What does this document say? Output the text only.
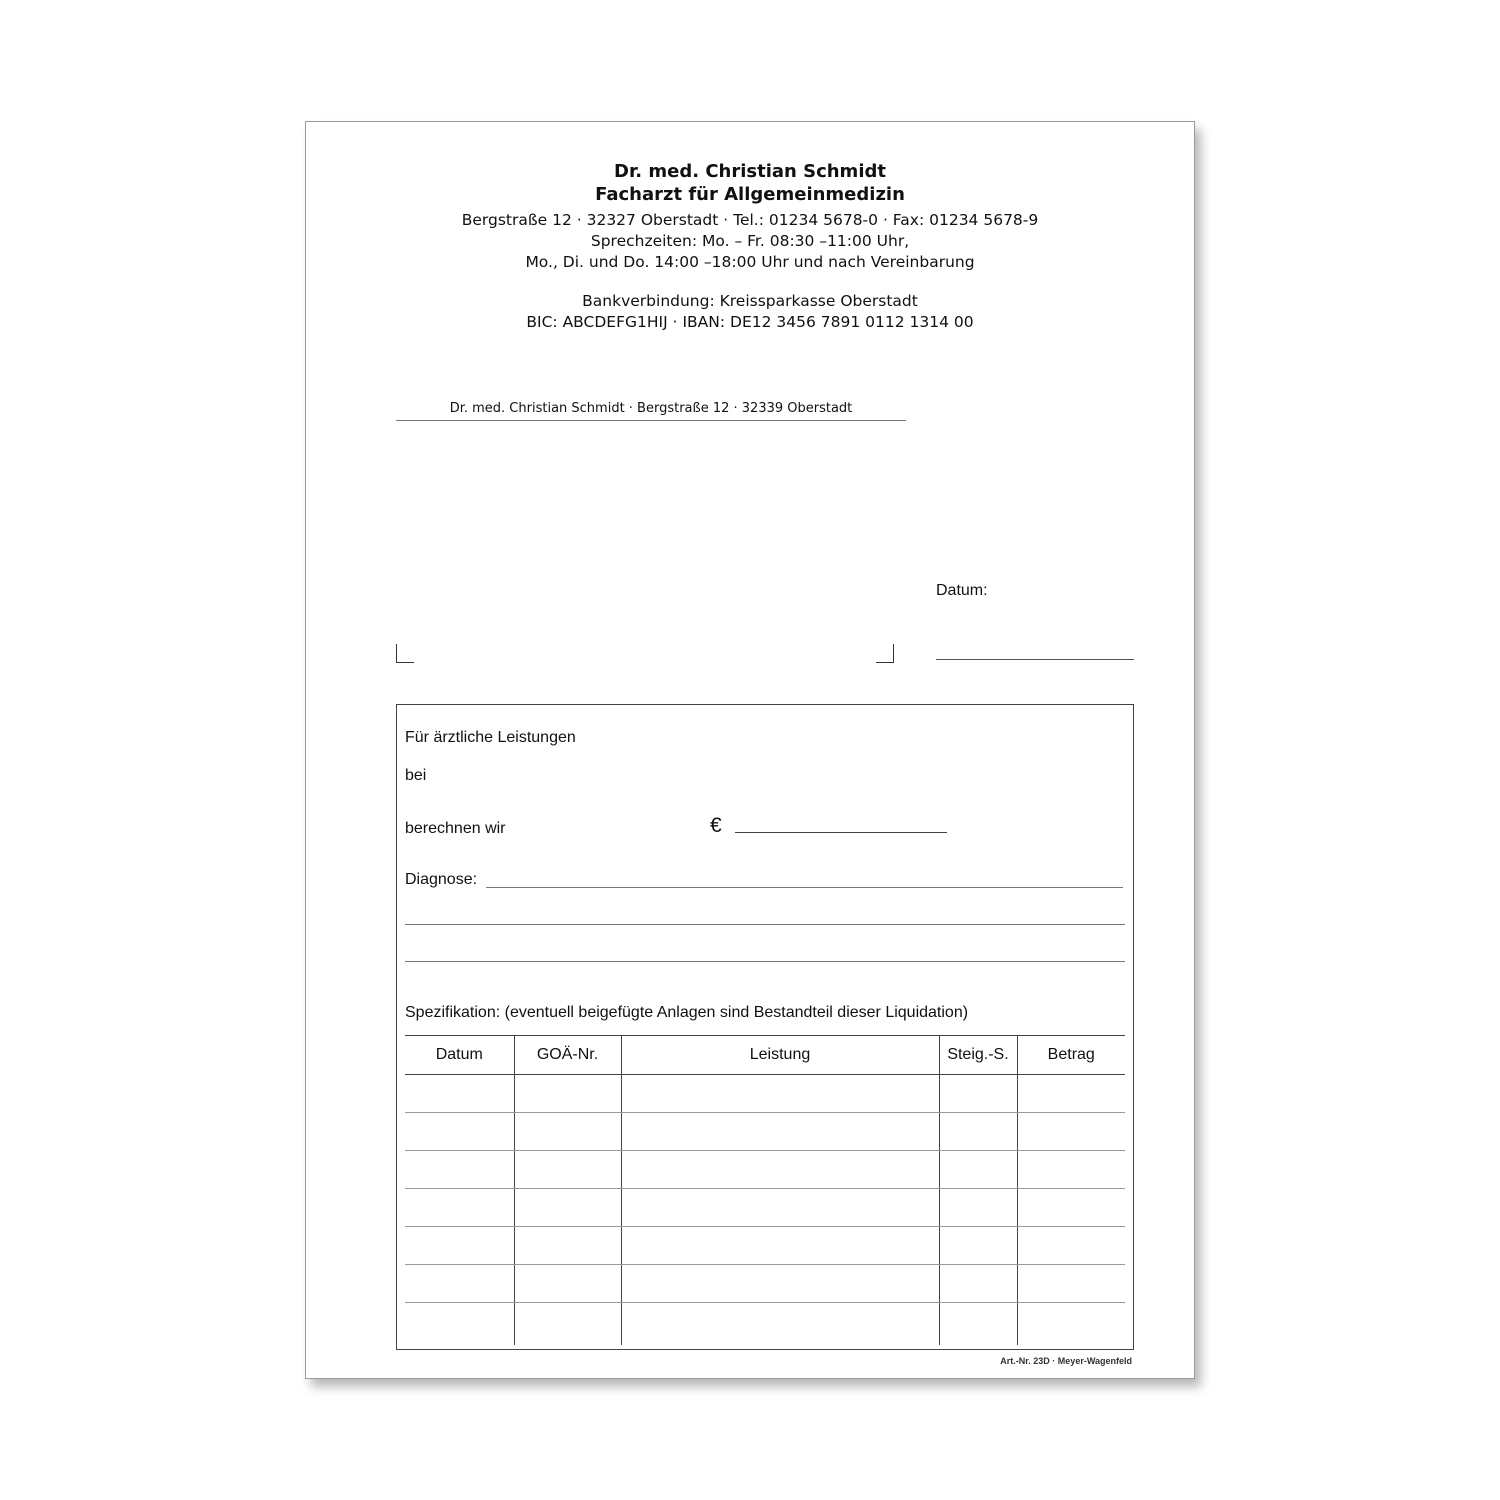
Dr. med. Christian Schmidt
Facharzt für Allgemeinmedizin
Bergstraße 12 · 32327 Oberstadt · Tel.: 01234 5678-0 · Fax: 01234 5678-9
Sprechzeiten: Mo. – Fr. 08:30 –11:00 Uhr,
Mo., Di. und Do. 14:00 –18:00 Uhr und nach Vereinbarung
Bankverbindung: Kreissparkasse Oberstadt
BIC: ABCDEFG1HIJ · IBAN: DE12 3456 7891 0112 1314 00
Dr. med. Christian Schmidt · Bergstraße 12 · 32339 Oberstadt
Datum:
Für ärztliche Leistungen
bei
berechnen wir	€
Diagnose:
Spezifikation: (eventuell beigefügte Anlagen sind Bestandteil dieser Liquidation)
Datum	GOÄ-Nr.	Leistung	Steig.-S.	Betrag

Art.-Nr. 23D · Meyer-Wagenfeld
